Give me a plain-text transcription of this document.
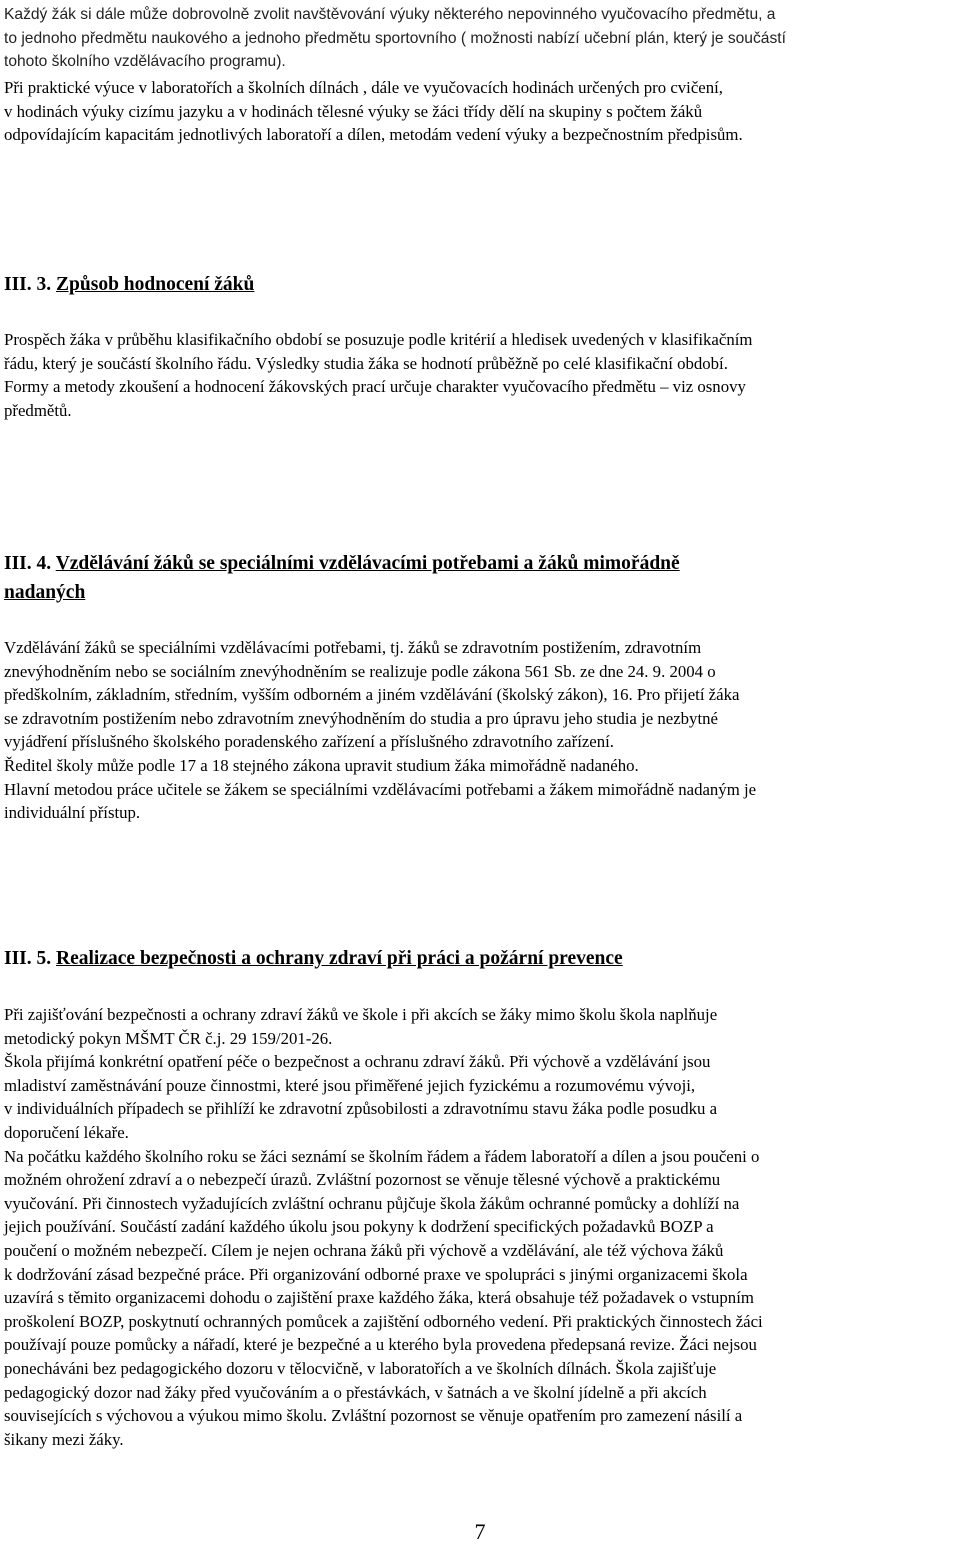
Každý žák si dále může dobrovolně zvolit navštěvování výuky některého nepovinného vyučovacího předmětu, a
to jednoho předmětu naukového a jednoho předmětu sportovního ( možnosti nabízí učební plán, který je součástí
tohoto školního vzdělávacího programu).
Při praktické výuce v laboratořích a školních dílnách , dále ve vyučovacích hodinách určených pro cvičení,
v hodinách výuky cizímu jazyku a v hodinách tělesné výuky se žáci třídy dělí na skupiny s počtem žáků
odpovídajícím kapacitám jednotlivých laboratoří a dílen, metodám vedení výuky a bezpečnostním předpisům.
III. 3. Způsob hodnocení žáků
Prospěch žáka v průběhu klasifikačního období se posuzuje podle kritérií a hledisek uvedených v klasifikačním
řádu, který je součástí školního řádu. Výsledky studia žáka se hodnotí průběžně po celé klasifikační období.
Formy a metody zkoušení a hodnocení žákovských prací určuje charakter vyučovacího předmětu – viz osnovy
předmětů.
III. 4. Vzdělávání žáků se speciálními vzdělávacími potřebami a žáků mimořádně
nadaných
Vzdělávání žáků se speciálními vzdělávacími potřebami, tj. žáků se zdravotním postižením, zdravotním
znevýhodněním nebo se sociálním znevýhodněním se realizuje podle zákona 561 Sb. ze dne 24. 9. 2004 o
předškolním, základním, středním, vyšším odborném a jiném vzdělávání (školský zákon), 16. Pro přijetí žáka
se zdravotním postižením nebo zdravotním znevýhodněním do studia a pro úpravu jeho studia je nezbytné
vyjádření příslušného školského poradenského zařízení a příslušného zdravotního zařízení.
Ředitel školy může podle 17 a 18 stejného zákona upravit studium žáka mimořádně nadaného.
Hlavní metodou práce učitele se žákem se speciálními vzdělávacími potřebami a žákem mimořádně nadaným je
individuální přístup.
III. 5. Realizace bezpečnosti a ochrany zdraví při práci a požární prevence
Při zajišťování bezpečnosti a ochrany zdraví žáků ve škole i při akcích se žáky mimo školu škola naplňuje
metodický pokyn MŠMT ČR č.j. 29 159/201-26.
Škola přijímá konkrétní opatření péče o bezpečnost a ochranu zdraví žáků. Při výchově a vzdělávání jsou
mladiství zaměstnávání pouze činnostmi, které jsou přiměřené jejich fyzickému a rozumovému vývoji,
v individuálních případech se přihlíží ke zdravotní způsobilosti a zdravotnímu stavu žáka podle posudku a
doporučení lékaře.
Na počátku každého školního roku se žáci seznámí se školním řádem a řádem laboratoří a dílen a jsou poučeni o
možném ohrožení zdraví a o nebezpečí úrazů. Zvláštní pozornost se věnuje tělesné výchově a praktickému
vyučování. Při činnostech vyžadujících zvláštní ochranu půjčuje škola žákům ochranné pomůcky a dohlíží na
jejich používání. Součástí zadání každého úkolu jsou pokyny k dodržení specifických požadavků BOZP a
poučení o možném nebezpečí. Cílem je nejen ochrana žáků při výchově a vzdělávání, ale též výchova žáků
k dodržování zásad bezpečné práce. Při organizování odborné praxe ve spolupráci s jinými organizacemi škola
uzavírá s těmito organizacemi dohodu o zajištění praxe každého žáka, která obsahuje též požadavek o vstupním
proškolení BOZP, poskytnutí ochranných pomůcek a zajištění odborného vedení. Při praktických činnostech žáci
používají pouze pomůcky a nářadí, které je bezpečné a u kterého byla provedena předepsaná revize. Žáci nejsou
ponecháváni bez pedagogického dozoru v tělocvičně, v laboratořích a ve školních dílnách. Škola zajišťuje
pedagogický dozor nad žáky před vyučováním a o přestávkách, v šatnách a ve školní jídelně a při akcích
souvisejících s výchovou a výukou mimo školu. Zvláštní pozornost se věnuje opatřením pro zamezení násilí a
šikany mezi žáky.
7
